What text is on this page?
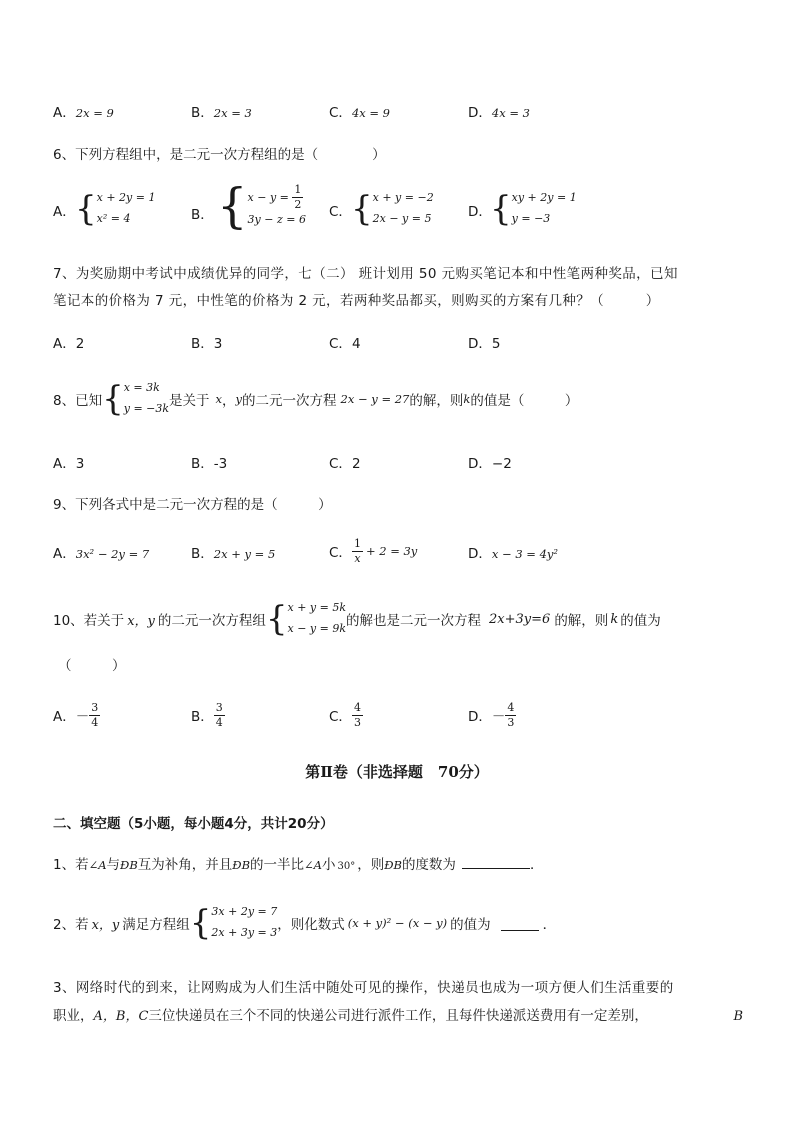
A．2x = 9	B．2x = 3	C．4x = 9	D．4x = 3
6、下列方程组中，是二元一次方程组的是（　　　　）
A． { x + 2y = 1
x² = 4	B． { x − y =
$\frac{1}{2}$
3y − z = 6 C． { x + y = −2
2x − y = 5	D．
{ xy + 2y = 1
y = −3
7、为奖励期中考试中成绩优异的同学，七（二） 班计划用 50 元购买笔记本和中性笔两种奖品，已知
笔记本的价格为 7 元，中性笔的价格为 2 元，若两种奖品都买，则购买的方案有几种？（　　　）
A．2	B．3	C．4	D．5
8、已知 { x = 3k
y = −3k 是关于 x ， y 的二元一次方程 2x − y = 27 的解，则 k 的值是（　　　）
A．3	B．-3	C．2	D．−2
9、下列各式中是二元一次方程的是（　　　）
A．3x² − 2y = 7	B．2x + y = 5	C． $\frac{1}{x} + 2 = 3y$	D．x − 3 = 4y²
10、若关于 x，y 的二元一次方程组 { x + y = 5k
x − y = 9k 的解也是二元一次方程 2x+3y=6 的解，则 k 的值为
（　　　）
A． － $\frac{3}{4}$	B． $\frac{3}{4}$	C． $\frac{4}{3}$	D． － $\frac{4}{3}$
第Ⅱ卷（非选择题　70分）
二、填空题（5小题，每小题4分，共计20分）
1、若 ∠A 与 ÐB 互为补角，并且 ÐB 的一半比 ∠A 小 30° ，则 ÐB 的度数为	．
2、若 x，y 满足方程组 { 3x + 2y = 7
2x + 3y = 3 ，则化数式 (x + y)² − (x − y) 的值为	．
3、网络时代的到来，让网购成为人们生活中随处可见的操作，快递员也成为一项方便人们生活重要的
职业， A，B，C 三位快递员在三个不同的快递公司进行派件工作，且每件快递派送费用有一定差别，	B
